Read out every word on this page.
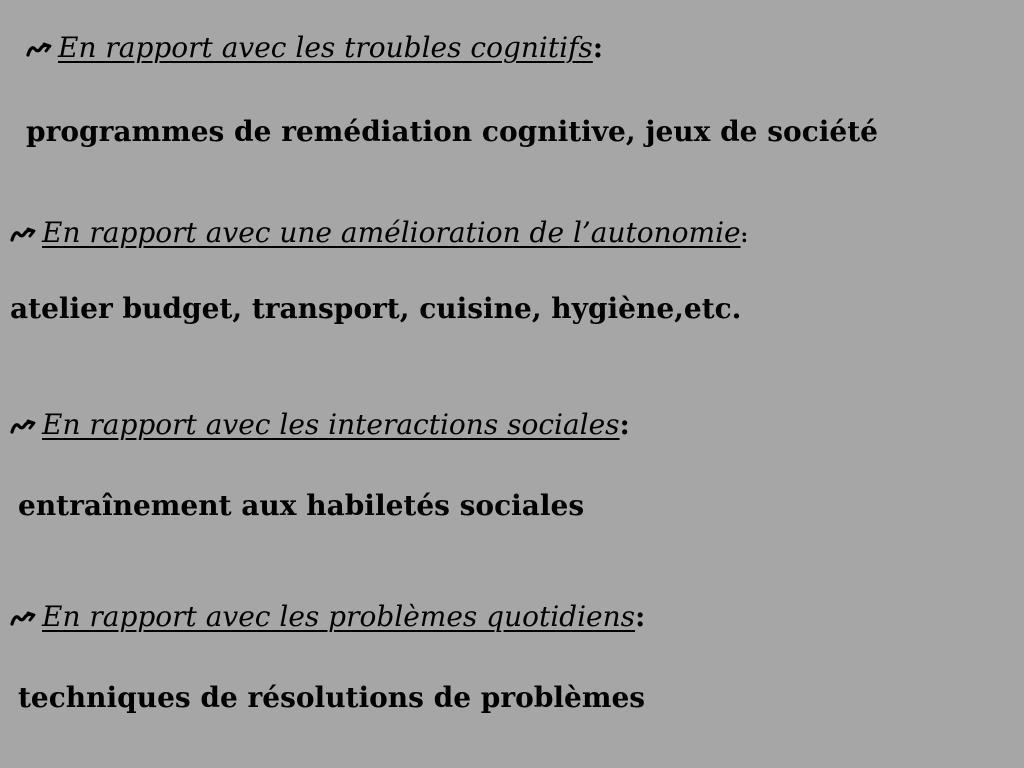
En rapport avec les troubles cognitifs :
programmes de remédiation cognitive, jeux de société
En rapport avec une amélioration de l’autonomie :
atelier budget, transport, cuisine, hygiène,etc.
En rapport avec les interactions sociales :
entraînement aux habiletés sociales
En rapport avec les problèmes quotidiens :
techniques de résolutions de problèmes
